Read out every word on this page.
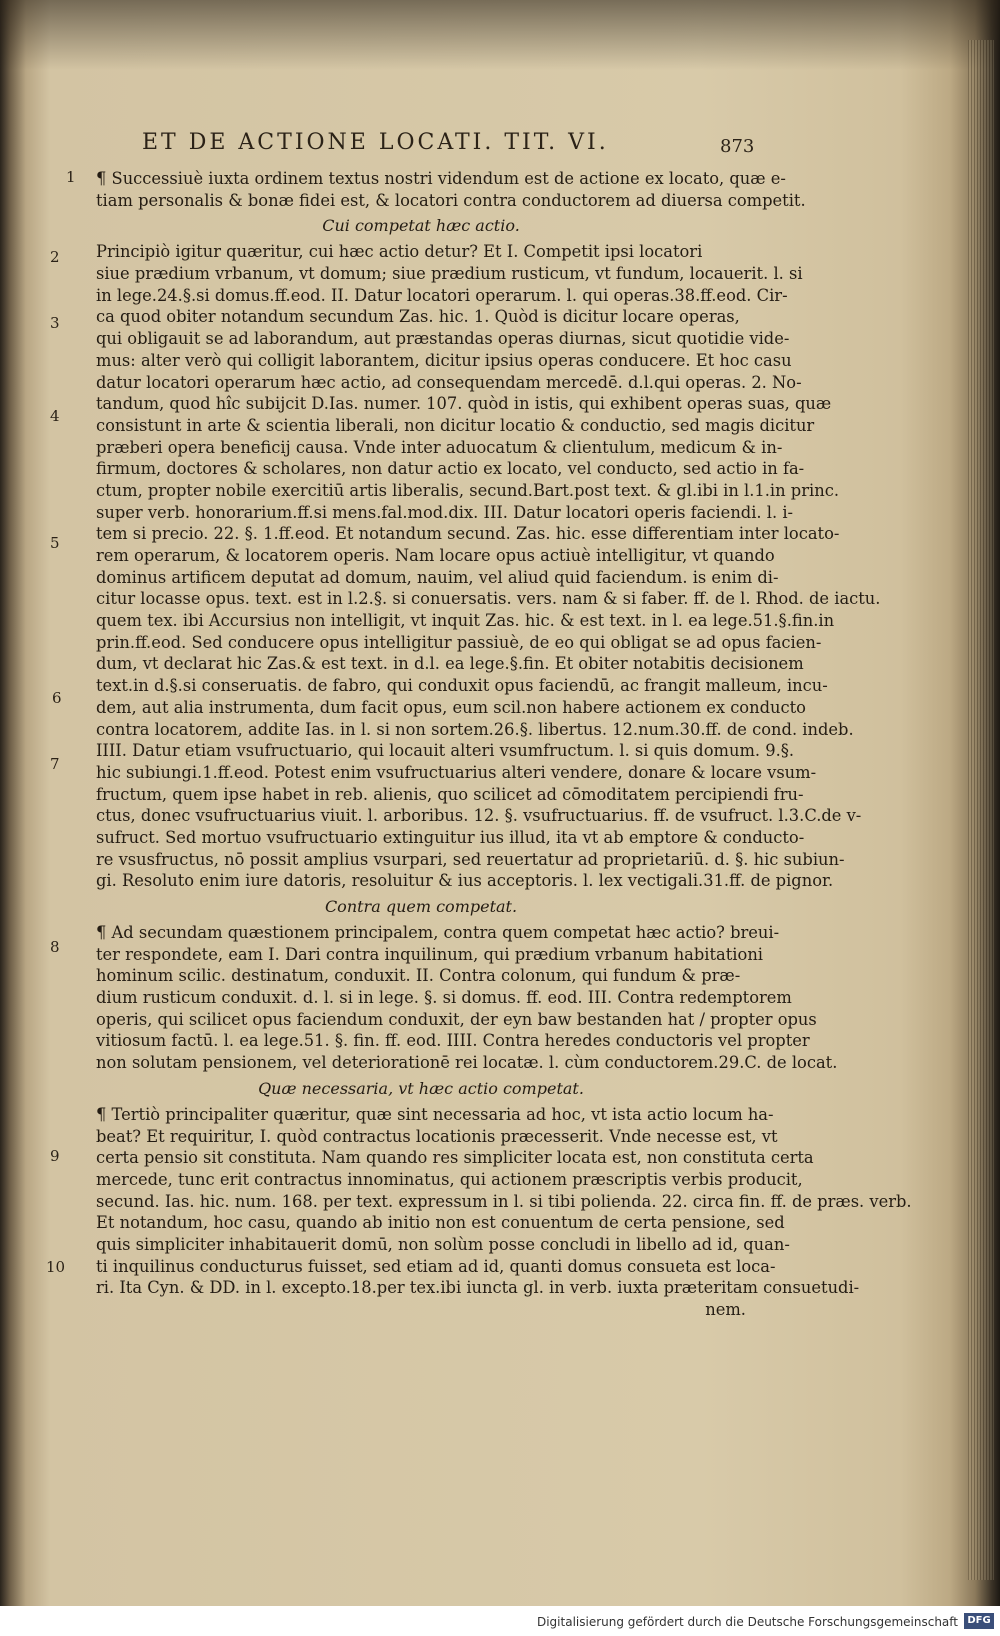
ET DE ACTIONE LOCATI. TIT. VI.	873
1
2
3
4
5
6
7
8
9
10
¶ Successiuè iuxta ordinem textus nostri videndum est de actione ex locato, quæ e-
tiam personalis & bonæ fidei est, & locatori contra conductorem ad diuersa competit.
Cui competat hæc actio.
Principiò igitur quæritur, cui hæc actio detur? Et I. Competit ipsi locatori
siue prædium vrbanum, vt domum; siue prædium rusticum, vt fundum, locauerit. l. si
in lege.24.§.si domus.ff.eod. II. Datur locatori operarum. l. qui operas.38.ff.eod. Cir-
ca quod obiter notandum secundum Zas. hic. 1. Quòd is dicitur locare operas,
qui obligauit se ad laborandum, aut præstandas operas diurnas, sicut quotidie vide-
mus: alter verò qui colligit laborantem, dicitur ipsius operas conducere. Et hoc casu
datur locatori operarum hæc actio, ad consequendam mercedē. d.l.qui operas. 2. No-
tandum, quod hîc subijcit D.Ias. numer. 107. quòd in istis, qui exhibent operas suas, quæ
consistunt in arte & scientia liberali, non dicitur locatio & conductio, sed magis dicitur
præberi opera beneficij causa. Vnde inter aduocatum & clientulum, medicum & in-
firmum, doctores & scholares, non datur actio ex locato, vel conducto, sed actio in fa-
ctum, propter nobile exercitiū artis liberalis, secund.Bart.post text. & gl.ibi in l.1.in princ.
super verb. honorarium.ff.si mens.fal.mod.dix. III. Datur locatori operis faciendi. l. i-
tem si precio. 22. §. 1.ff.eod. Et notandum secund. Zas. hic. esse differentiam inter locato-
rem operarum, & locatorem operis. Nam locare opus actiuè intelligitur, vt quando
dominus artificem deputat ad domum, nauim, vel aliud quid faciendum. is enim di-
citur locasse opus. text. est in l.2.§. si conuersatis. vers. nam & si faber. ff. de l. Rhod. de iactu.
quem tex. ibi Accursius non intelligit, vt inquit Zas. hic. & est text. in l. ea lege.51.§.fin.in
prin.ff.eod. Sed conducere opus intelligitur passiuè, de eo qui obligat se ad opus facien-
dum, vt declarat hic Zas.& est text. in d.l. ea lege.§.fin. Et obiter notabitis decisionem
text.in d.§.si conseruatis. de fabro, qui conduxit opus faciendū, ac frangit malleum, incu-
dem, aut alia instrumenta, dum facit opus, eum scil.non habere actionem ex conducto
contra locatorem, addite Ias. in l. si non sortem.26.§. libertus. 12.num.30.ff. de cond. indeb.
IIII. Datur etiam vsufructuario, qui locauit alteri vsumfructum. l. si quis domum. 9.§.
hic subiungi.1.ff.eod. Potest enim vsufructuarius alteri vendere, donare & locare vsum-
fructum, quem ipse habet in reb. alienis, quo scilicet ad cōmoditatem percipiendi fru-
ctus, donec vsufructuarius viuit. l. arboribus. 12. §. vsufructuarius. ff. de vsufruct. l.3.C.de v-
sufruct. Sed mortuo vsufructuario extinguitur ius illud, ita vt ab emptore & conducto-
re vsusfructus, nō possit amplius vsurpari, sed reuertatur ad proprietariū. d. §. hic subiun-
gi. Resoluto enim iure datoris, resoluitur & ius acceptoris. l. lex vectigali.31.ff. de pignor.
Contra quem competat.
¶ Ad secundam quæstionem principalem, contra quem competat hæc actio? breui-
ter respondete, eam I. Dari contra inquilinum, qui prædium vrbanum habitationi
hominum scilic. destinatum, conduxit. II. Contra colonum, qui fundum & præ-
dium rusticum conduxit. d. l. si in lege. §. si domus. ff. eod. III. Contra redemptorem
operis, qui scilicet opus faciendum conduxit, der eyn baw bestanden hat / propter opus
vitiosum factū. l. ea lege.51. §. fin. ff. eod. IIII. Contra heredes conductoris vel propter
non solutam pensionem, vel deteriorationē rei locatæ. l. cùm conductorem.29.C. de locat.
Quæ necessaria, vt hæc actio competat.
¶ Tertiò principaliter quæritur, quæ sint necessaria ad hoc, vt ista actio locum ha-
beat? Et requiritur, I. quòd contractus locationis præcesserit. Vnde necesse est, vt
certa pensio sit constituta. Nam quando res simpliciter locata est, non constituta certa
mercede, tunc erit contractus innominatus, qui actionem præscriptis verbis producit,
secund. Ias. hic. num. 168. per text. expressum in l. si tibi polienda. 22. circa fin. ff. de præs. verb.
Et notandum, hoc casu, quando ab initio non est conuentum de certa pensione, sed
quis simpliciter inhabitauerit domū, non solùm posse concludi in libello ad id, quan-
ti inquilinus conducturus fuisset, sed etiam ad id, quanti domus consueta est loca-
ri. Ita Cyn. & DD. in l. excepto.18.per tex.ibi iuncta gl. in verb. iuxta præteritam consuetudi-
nem.
Digitalisierung gefördert durch die Deutsche Forschungsgemeinschaft DFG
